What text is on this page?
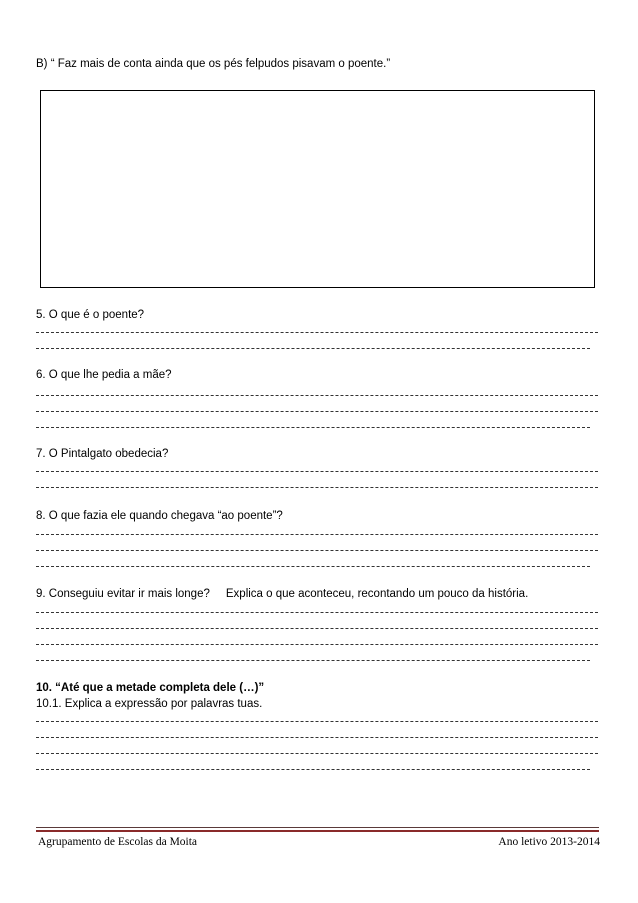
B) “ Faz mais de conta ainda que os pés felpudos pisavam o poente.”
5. O que é o poente?
6. O que lhe pedia a mãe?
7. O Pintalgato obedecia?
8. O que fazia ele quando chegava “ao poente”?
9. Conseguiu evitar ir mais longe? Explica o que aconteceu, recontando um pouco da história.
10. “Até que a metade completa dele (…)”
10.1. Explica a expressão por palavras tuas.
Agrupamento de Escolas da Moita	Ano letivo 2013-2014
